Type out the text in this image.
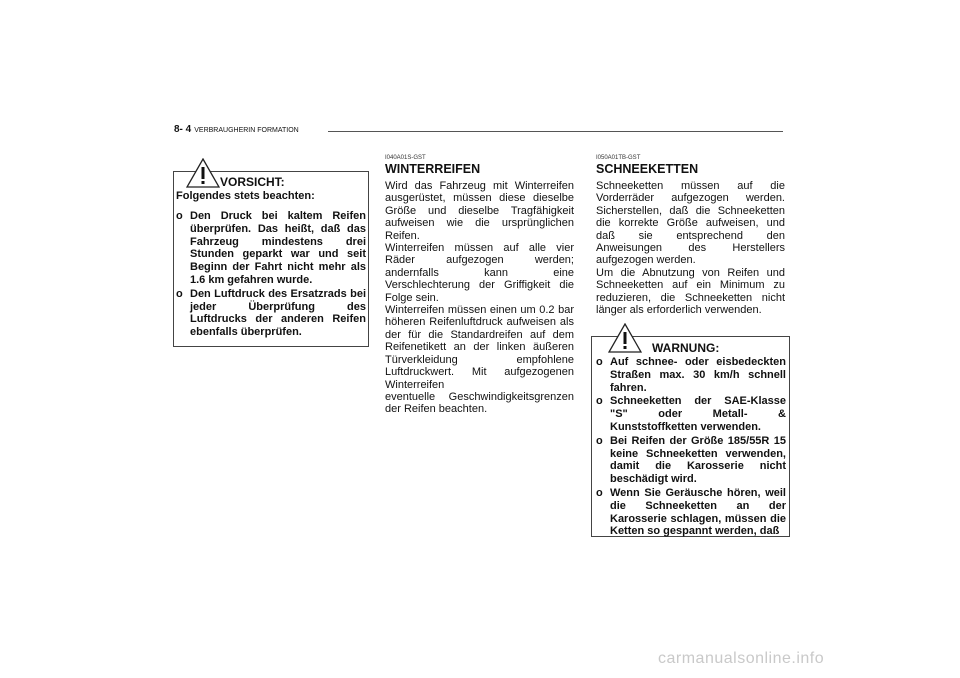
8- 4 VERBRAUGHERIN FORMATION
VORSICHT:
Folgendes stets beachten:
o Den Druck bei kaltem Reifen überprüfen. Das heißt, daß das Fahrzeug mindestens drei Stunden geparkt war und seit Beginn der Fahrt nicht mehr als 1.6 km gefahren wurde.
o Den Luftdruck des Ersatzrads bei jeder Überprüfung des Luftdrucks der anderen Reifen ebenfalls überprüfen.
I040A01S-GST
WINTERREIFEN

Wird das Fahrzeug mit Winterreifen ausgerüstet, müssen diese dieselbe Größe und dieselbe Tragfähigkeit aufweisen wie die ursprünglichen Reifen.

Winterreifen müssen auf alle vier Räder aufgezogen werden; andernfalls kann eine Verschlechterung der Griffigkeit die Folge sein.

Winterreifen müssen einen um 0.2 bar höheren Reifenluftdruck aufweisen als der für die Standardreifen auf dem Reifenetikett an der linken äußeren Türverkleidung empfohlene Luftdruckwert. Mit aufgezogenen Winterreifen

eventuelle Geschwindigkeitsgrenzen der Reifen beachten.

I050A01TB-GST
SCHNEEKETTEN

Schneeketten müssen auf die Vorderräder aufgezogen werden. Sicherstellen, daß die Schneeketten die korrekte Größe aufweisen, und daß sie entsprechend den Anweisungen des Herstellers aufgezogen werden.

Um die Abnutzung von Reifen und Schneeketten auf ein Minimum zu reduzieren, die Schneeketten nicht länger als erforderlich verwenden.

WARNUNG:
o Auf schnee- oder eisbedeckten Straßen max. 30 km/h schnell fahren.
o Schneeketten der SAE-Klasse "S" oder Metall- & Kunststoffketten verwenden.
o Bei Reifen der Größe 185/55R 15 keine Schneeketten verwenden, damit die Karosserie nicht beschädigt wird.
o Wenn Sie Geräusche hören, weil die Schneeketten an der Karosserie schlagen, müssen die Ketten so gespannt werden, daß
carmanualsonline.info
